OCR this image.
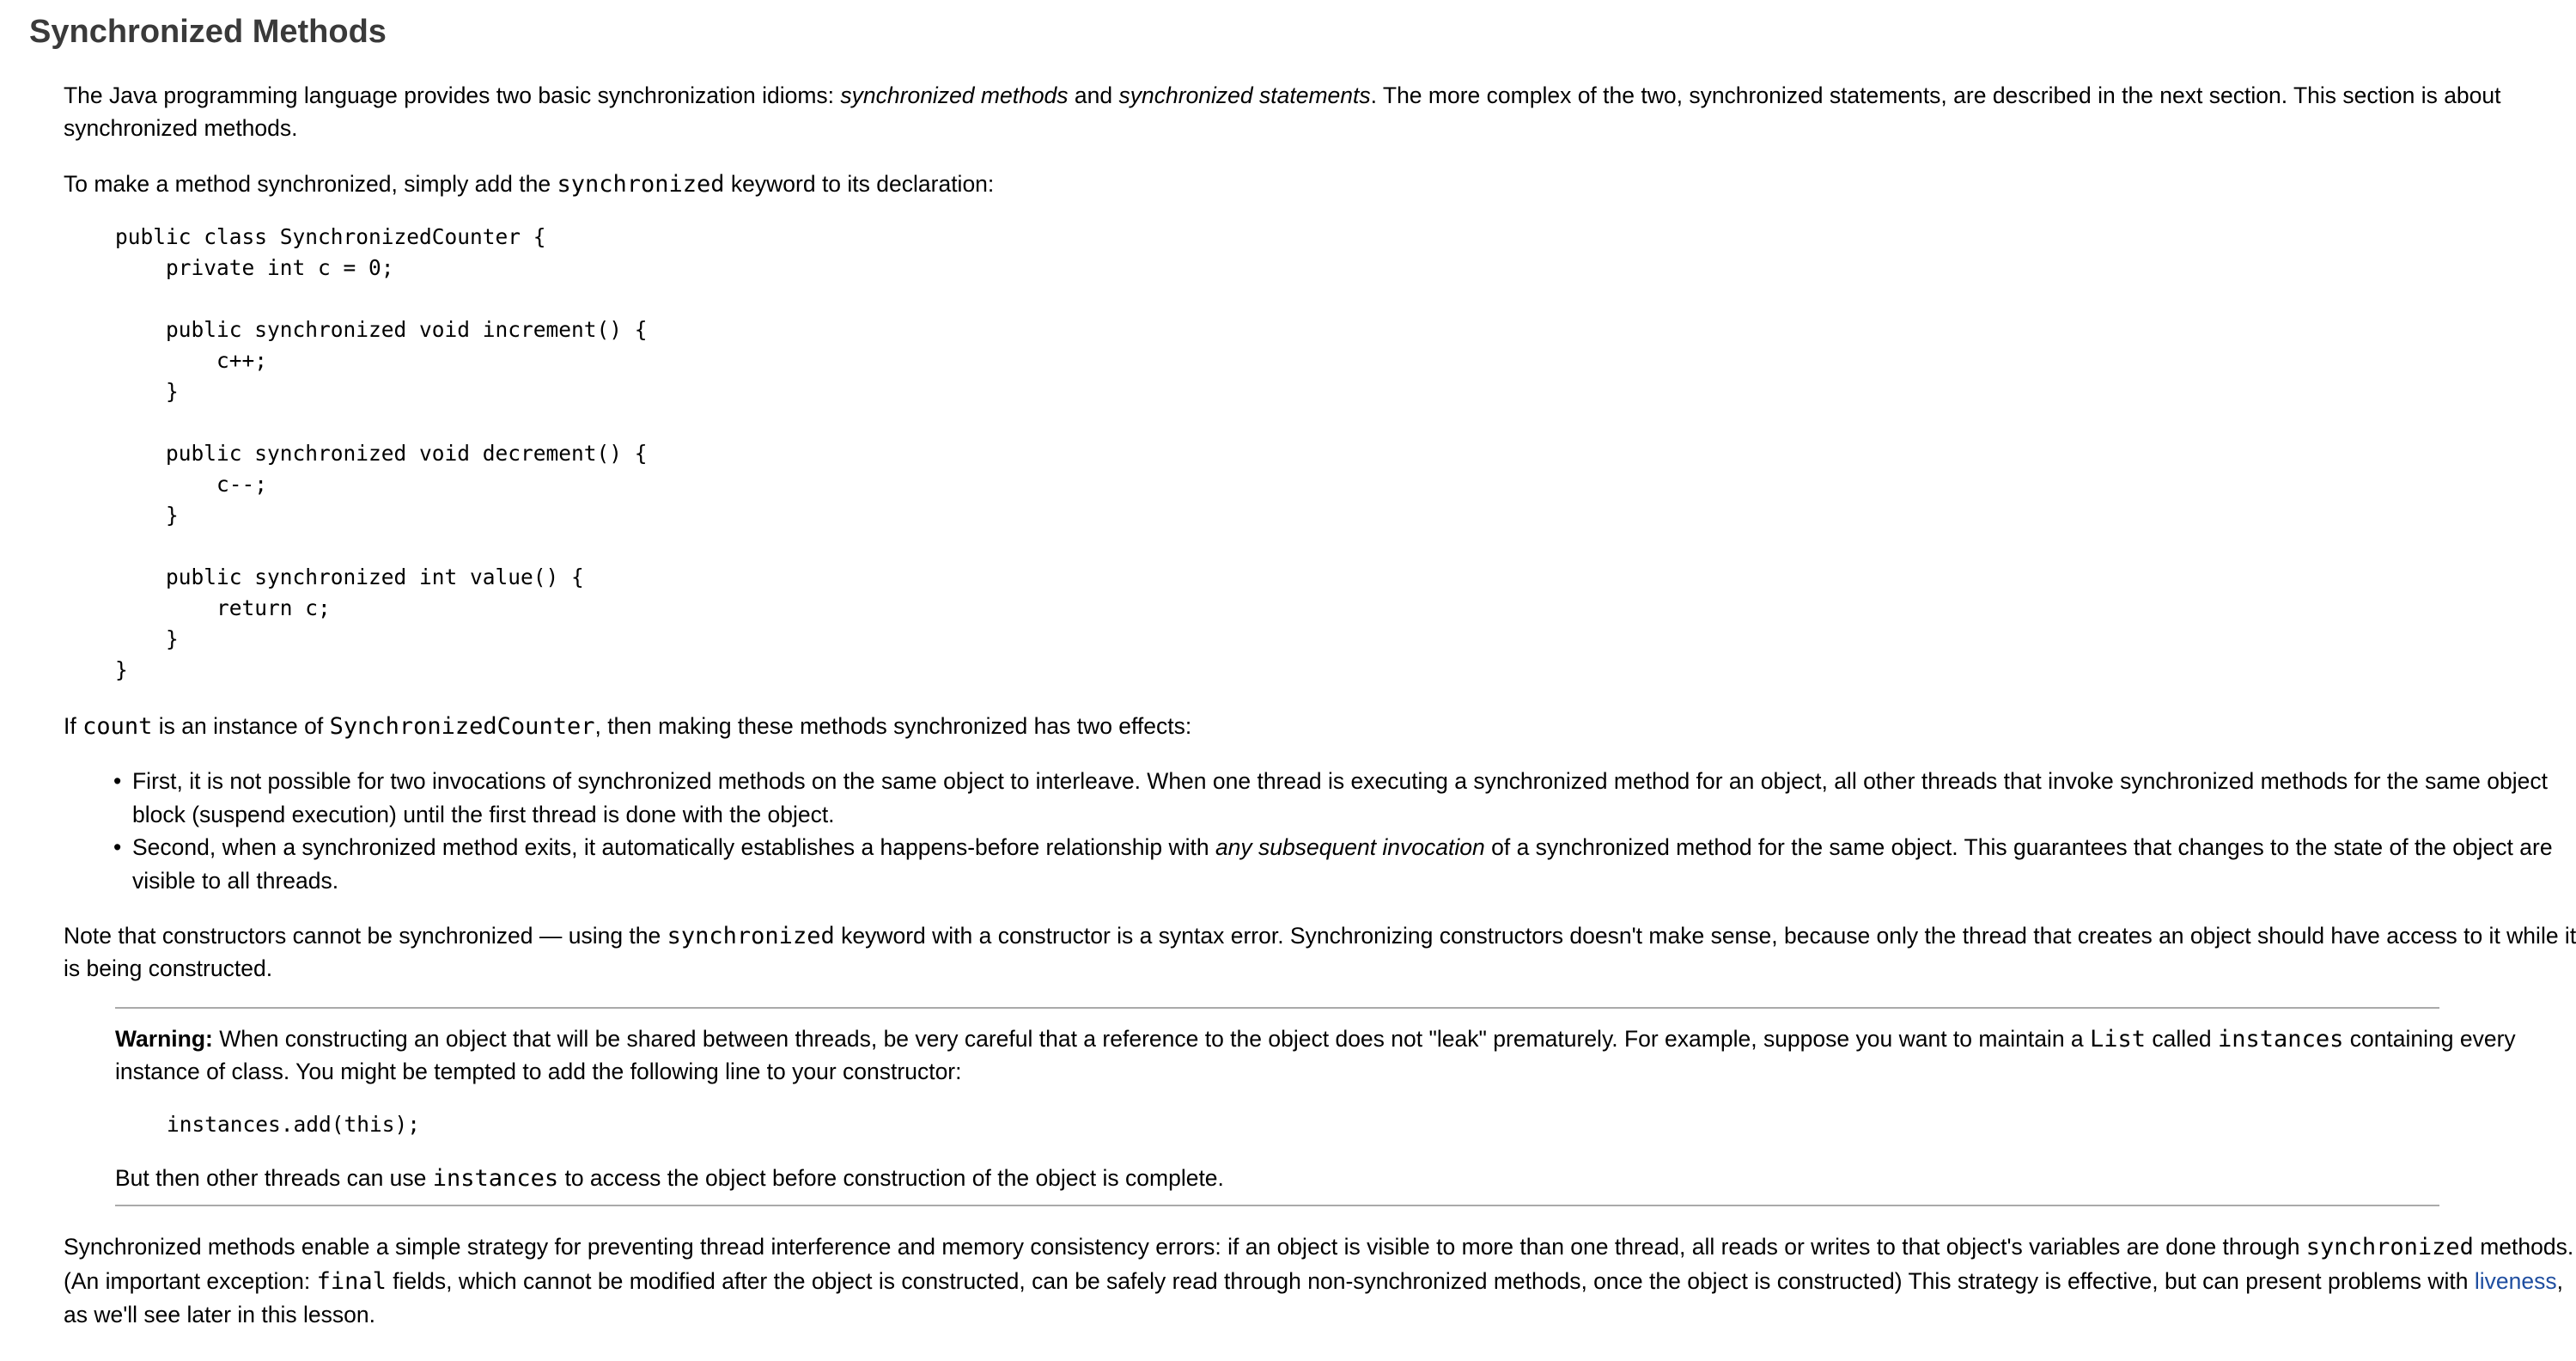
Synchronized Methods

The Java programming language provides two basic synchronization idioms: synchronized methods and synchronized statements. The more complex of the two, synchronized statements, are described in the next section. This section is about

synchronized methods.

To make a method synchronized, simply add the synchronized keyword to its declaration:

public class SynchronizedCounter {
private int c = 0;

public synchronized void increment() {
c++;
}

public synchronized void decrement() {
c--;
}

public synchronized int value() {
return c;
}
}

If count is an instance of SynchronizedCounter, then making these methods synchronized has two effects:

• First, it is not possible for two invocations of synchronized methods on the same object to interleave. When one thread is executing a synchronized method for an object, all other threads that invoke synchronized methods for the same object
block (suspend execution) until the first thread is done with the object.
• Second, when a synchronized method exits, it automatically establishes a happens-before relationship with any subsequent invocation of a synchronized method for the same object. This guarantees that changes to the state of the object are
visible to all threads.

Note that constructors cannot be synchronized — using the synchronized keyword with a constructor is a syntax error. Synchronizing constructors doesn't make sense, because only the thread that creates an object should have access to it while it

is being constructed.

Warning: When constructing an object that will be shared between threads, be very careful that a reference to the object does not "leak" prematurely. For example, suppose you want to maintain a List called instances containing every

instance of class. You might be tempted to add the following line to your constructor:

instances.add(this);

But then other threads can use instances to access the object before construction of the object is complete.

Synchronized methods enable a simple strategy for preventing thread interference and memory consistency errors: if an object is visible to more than one thread, all reads or writes to that object's variables are done through synchronized methods.

(An important exception: final fields, which cannot be modified after the object is constructed, can be safely read through non-synchronized methods, once the object is constructed) This strategy is effective, but can present problems with liveness,

as we'll see later in this lesson.
